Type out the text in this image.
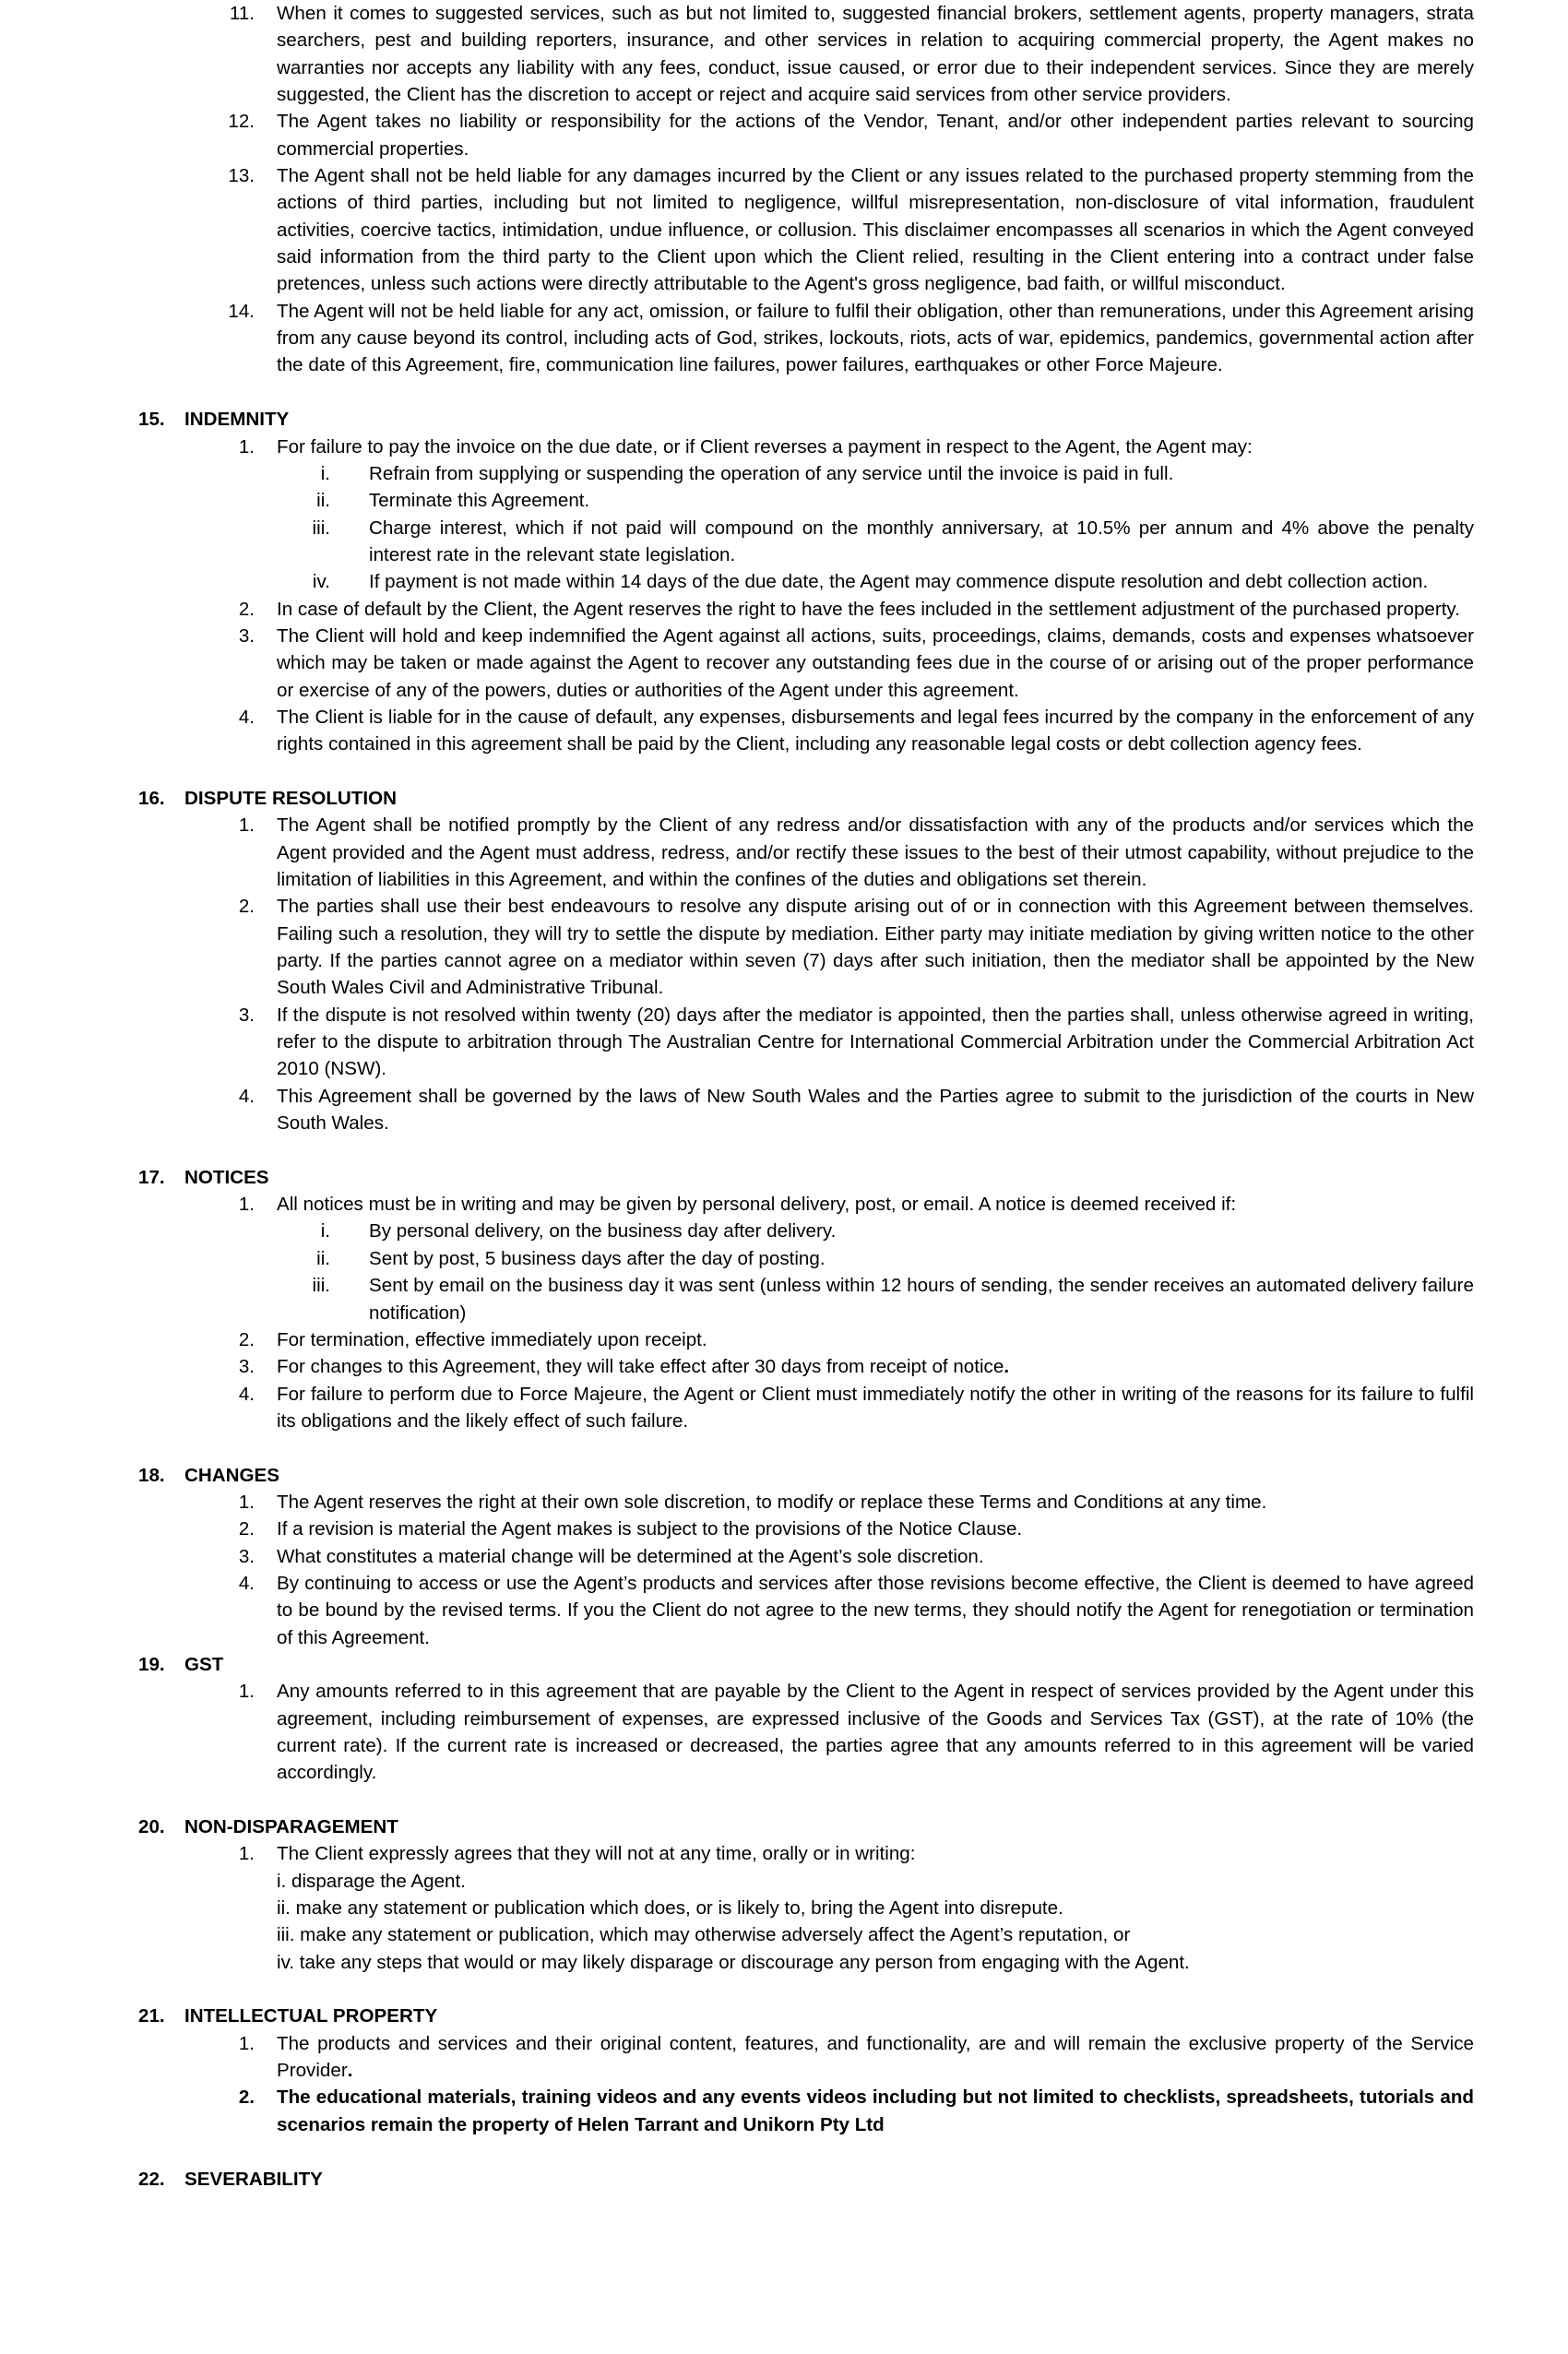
11. When it comes to suggested services, such as but not limited to, suggested financial brokers, settlement agents, property managers, strata searchers, pest and building reporters, insurance, and other services in relation to acquiring commercial property, the Agent makes no warranties nor accepts any liability with any fees, conduct, issue caused, or error due to their independent services. Since they are merely suggested, the Client has the discretion to accept or reject and acquire said services from other service providers.
12. The Agent takes no liability or responsibility for the actions of the Vendor, Tenant, and/or other independent parties relevant to sourcing commercial properties.
13. The Agent shall not be held liable for any damages incurred by the Client or any issues related to the purchased property stemming from the actions of third parties, including but not limited to negligence, willful misrepresentation, non-disclosure of vital information, fraudulent activities, coercive tactics, intimidation, undue influence, or collusion. This disclaimer encompasses all scenarios in which the Agent conveyed said information from the third party to the Client upon which the Client relied, resulting in the Client entering into a contract under false pretences, unless such actions were directly attributable to the Agent's gross negligence, bad faith, or willful misconduct.
14. The Agent will not be held liable for any act, omission, or failure to fulfil their obligation, other than remunerations, under this Agreement arising from any cause beyond its control, including acts of God, strikes, lockouts, riots, acts of war, epidemics, pandemics, governmental action after the date of this Agreement, fire, communication line failures, power failures, earthquakes or other Force Majeure.
15. INDEMNITY
1. For failure to pay the invoice on the due date, or if Client reverses a payment in respect to the Agent, the Agent may:
i. Refrain from supplying or suspending the operation of any service until the invoice is paid in full.
ii. Terminate this Agreement.
iii. Charge interest, which if not paid will compound on the monthly anniversary, at 10.5% per annum and 4% above the penalty interest rate in the relevant state legislation.
iv. If payment is not made within 14 days of the due date, the Agent may commence dispute resolution and debt collection action.
2. In case of default by the Client, the Agent reserves the right to have the fees included in the settlement adjustment of the purchased property.
3. The Client will hold and keep indemnified the Agent against all actions, suits, proceedings, claims, demands, costs and expenses whatsoever which may be taken or made against the Agent to recover any outstanding fees due in the course of or arising out of the proper performance or exercise of any of the powers, duties or authorities of the Agent under this agreement.
4. The Client is liable for in the cause of default, any expenses, disbursements and legal fees incurred by the company in the enforcement of any rights contained in this agreement shall be paid by the Client, including any reasonable legal costs or debt collection agency fees.
16. DISPUTE RESOLUTION
1. The Agent shall be notified promptly by the Client of any redress and/or dissatisfaction with any of the products and/or services which the Agent provided and the Agent must address, redress, and/or rectify these issues to the best of their utmost capability, without prejudice to the limitation of liabilities in this Agreement, and within the confines of the duties and obligations set therein.
2. The parties shall use their best endeavours to resolve any dispute arising out of or in connection with this Agreement between themselves. Failing such a resolution, they will try to settle the dispute by mediation. Either party may initiate mediation by giving written notice to the other party. If the parties cannot agree on a mediator within seven (7) days after such initiation, then the mediator shall be appointed by the New South Wales Civil and Administrative Tribunal.
3. If the dispute is not resolved within twenty (20) days after the mediator is appointed, then the parties shall, unless otherwise agreed in writing, refer to the dispute to arbitration through The Australian Centre for International Commercial Arbitration under the Commercial Arbitration Act 2010 (NSW).
4. This Agreement shall be governed by the laws of New South Wales and the Parties agree to submit to the jurisdiction of the courts in New South Wales.
17. NOTICES
1. All notices must be in writing and may be given by personal delivery, post, or email. A notice is deemed received if:
i. By personal delivery, on the business day after delivery.
ii. Sent by post, 5 business days after the day of posting.
iii. Sent by email on the business day it was sent (unless within 12 hours of sending, the sender receives an automated delivery failure notification)
2. For termination, effective immediately upon receipt.
3. For changes to this Agreement, they will take effect after 30 days from receipt of notice.
4. For failure to perform due to Force Majeure, the Agent or Client must immediately notify the other in writing of the reasons for its failure to fulfil its obligations and the likely effect of such failure.
18. CHANGES
1. The Agent reserves the right at their own sole discretion, to modify or replace these Terms and Conditions at any time.
2. If a revision is material the Agent makes is subject to the provisions of the Notice Clause.
3. What constitutes a material change will be determined at the Agent’s sole discretion.
4. By continuing to access or use the Agent’s products and services after those revisions become effective, the Client is deemed to have agreed to be bound by the revised terms. If you the Client do not agree to the new terms, they should notify the Agent for renegotiation or termination of this Agreement.
19. GST
1. Any amounts referred to in this agreement that are payable by the Client to the Agent in respect of services provided by the Agent under this agreement, including reimbursement of expenses, are expressed inclusive of the Goods and Services Tax (GST), at the rate of 10% (the current rate). If the current rate is increased or decreased, the parties agree that any amounts referred to in this agreement will be varied accordingly.
20. NON-DISPARAGEMENT
1. The Client expressly agrees that they will not at any time, orally or in writing:
i. disparage the Agent.
ii. make any statement or publication which does, or is likely to, bring the Agent into disrepute.
iii. make any statement or publication, which may otherwise adversely affect the Agent’s reputation, or
iv. take any steps that would or may likely disparage or discourage any person from engaging with the Agent.
21. INTELLECTUAL PROPERTY
1. The products and services and their original content, features, and functionality, are and will remain the exclusive property of the Service Provider.
2. The educational materials, training videos and any events videos including but not limited to checklists, spreadsheets, tutorials and scenarios remain the property of Helen Tarrant and Unikorn Pty Ltd
22. SEVERABILITY
